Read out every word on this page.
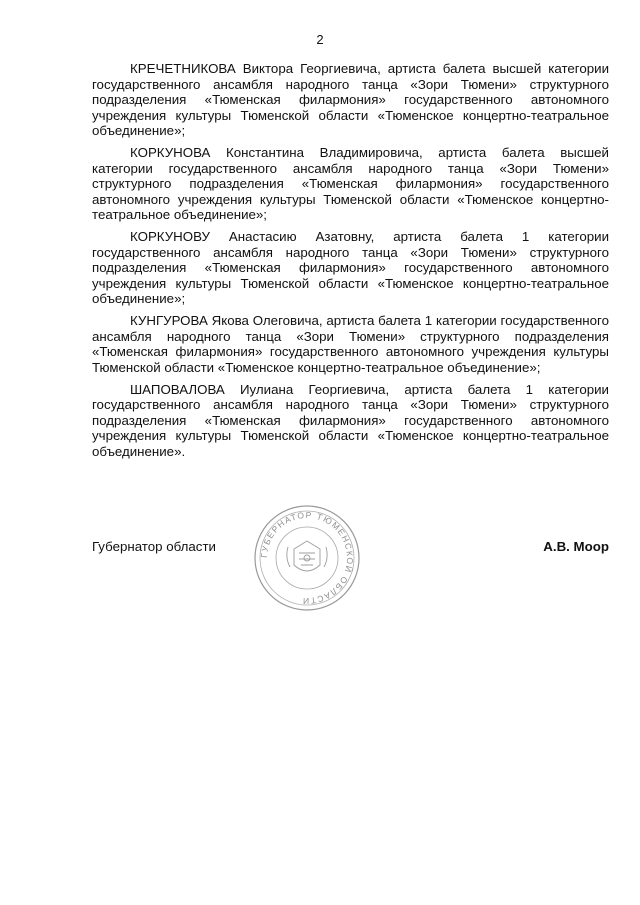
2

КРЕЧЕТНИКОВА Виктора Георгиевича, артиста балета высшей категории государственного ансамбля народного танца «Зори Тюмени» структурного подразделения «Тюменская филармония» государственного автономного учреждения культуры Тюменской области «Тюменское концертно-театральное объединение»;

КОРКУНОВА Константина Владимировича, артиста балета высшей категории государственного ансамбля народного танца «Зори Тюмени» структурного подразделения «Тюменская филармония» государственного автономного учреждения культуры Тюменской области «Тюменское концертно-театральное объединение»;

КОРКУНОВУ Анастасию Азатовну, артиста балета 1 категории государственного ансамбля народного танца «Зори Тюмени» структурного подразделения «Тюменская филармония» государственного автономного учреждения культуры Тюменской области «Тюменское концертно-театральное объединение»;

КУНГУРОВА Якова Олеговича, артиста балета 1 категории государственного ансамбля народного танца «Зори Тюмени» структурного подразделения «Тюменская филармония» государственного автономного учреждения культуры Тюменской области «Тюменское концертно-театральное объединение»;

ШАПОВАЛОВА Иулиана Георгиевича, артиста балета 1 категории государственного ансамбля народного танца «Зори Тюмени» структурного подразделения «Тюменская филармония» государственного автономного учреждения культуры Тюменской области «Тюменское концертно-театральное объединение».

Губернатор области
ГУБЕРНАТОР ТЮМЕНСКОЙ ОБЛАСТИ
А.В. Моор
